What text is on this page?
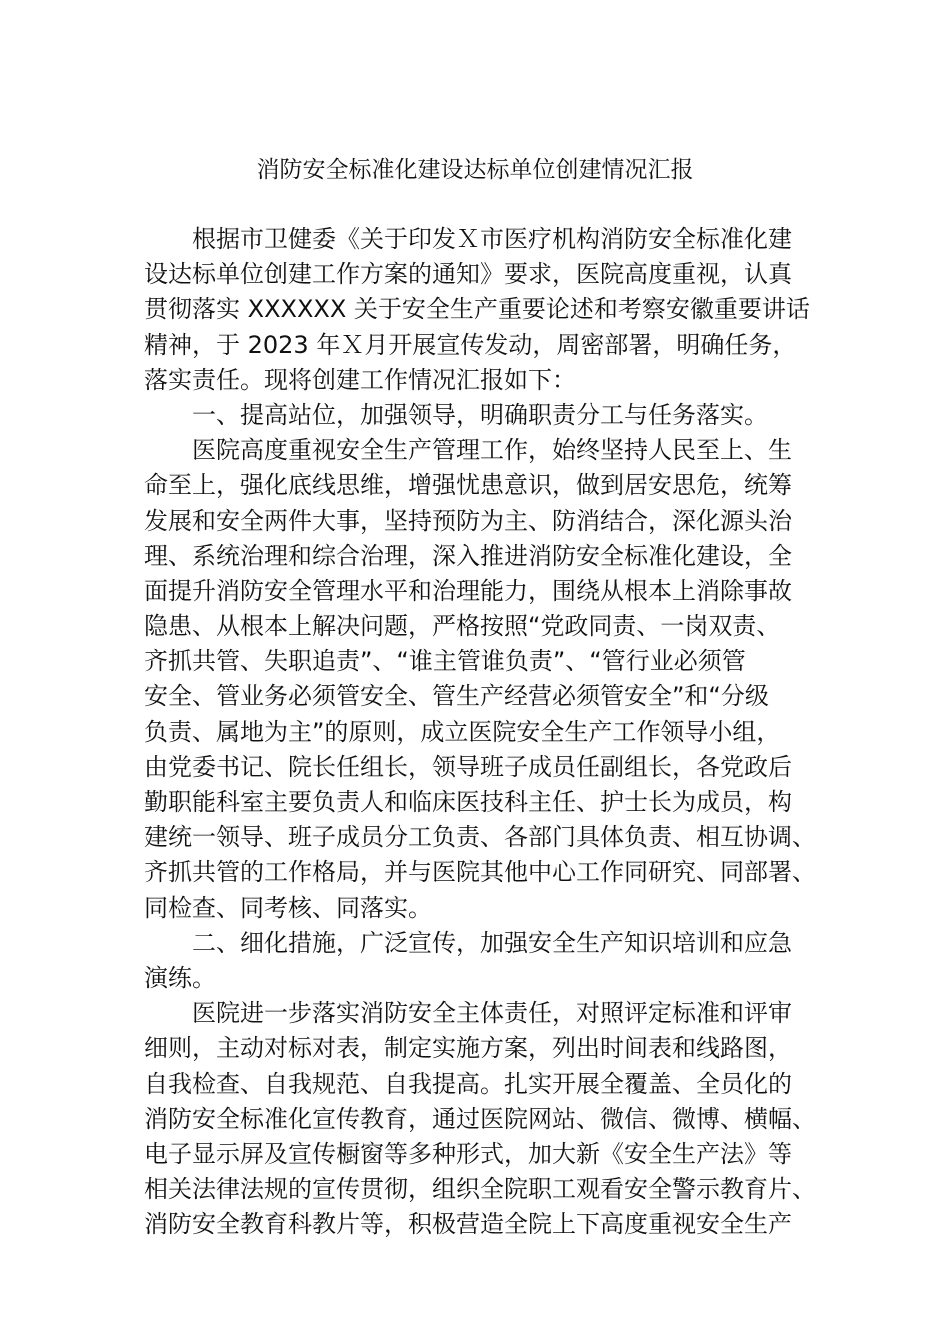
消防安全标准化建设达标单位创建情况汇报
根据市卫健委《关于印发Ｘ市医疗机构消防安全标准化建
设达标单位创建工作方案的通知》要求，医院高度重视，认真
贯彻落实 XXXXXX 关于安全生产重要论述和考察安徽重要讲话
精神，于 2023 年Ｘ月开展宣传发动，周密部署，明确任务，
落实责任。现将创建工作情况汇报如下：
一、提高站位，加强领导，明确职责分工与任务落实。
医院高度重视安全生产管理工作，始终坚持人民至上、生
命至上，强化底线思维，增强忧患意识，做到居安思危，统筹
发展和安全两件大事，坚持预防为主、防消结合，深化源头治
理、系统治理和综合治理，深入推进消防安全标准化建设，全
面提升消防安全管理水平和治理能力，围绕从根本上消除事故
隐患、从根本上解决问题，严格按照“党政同责、一岗双责、
齐抓共管、失职追责”、“谁主管谁负责”、“管行业必须管
安全、管业务必须管安全、管生产经营必须管安全”和“分级
负责、属地为主”的原则，成立医院安全生产工作领导小组，
由党委书记、院长任组长，领导班子成员任副组长，各党政后
勤职能科室主要负责人和临床医技科主任、护士长为成员，构
建统一领导、班子成员分工负责、各部门具体负责、相互协调、
齐抓共管的工作格局，并与医院其他中心工作同研究、同部署、
同检查、同考核、同落实。
二、细化措施，广泛宣传，加强安全生产知识培训和应急
演练。
医院进一步落实消防安全主体责任，对照评定标准和评审
细则，主动对标对表，制定实施方案，列出时间表和线路图，
自我检查、自我规范、自我提高。扎实开展全覆盖、全员化的
消防安全标准化宣传教育，通过医院网站、微信、微博、横幅、
电子显示屏及宣传橱窗等多种形式，加大新《安全生产法》等
相关法律法规的宣传贯彻，组织全院职工观看安全警示教育片、
消防安全教育科教片等，积极营造全院上下高度重视安全生产
